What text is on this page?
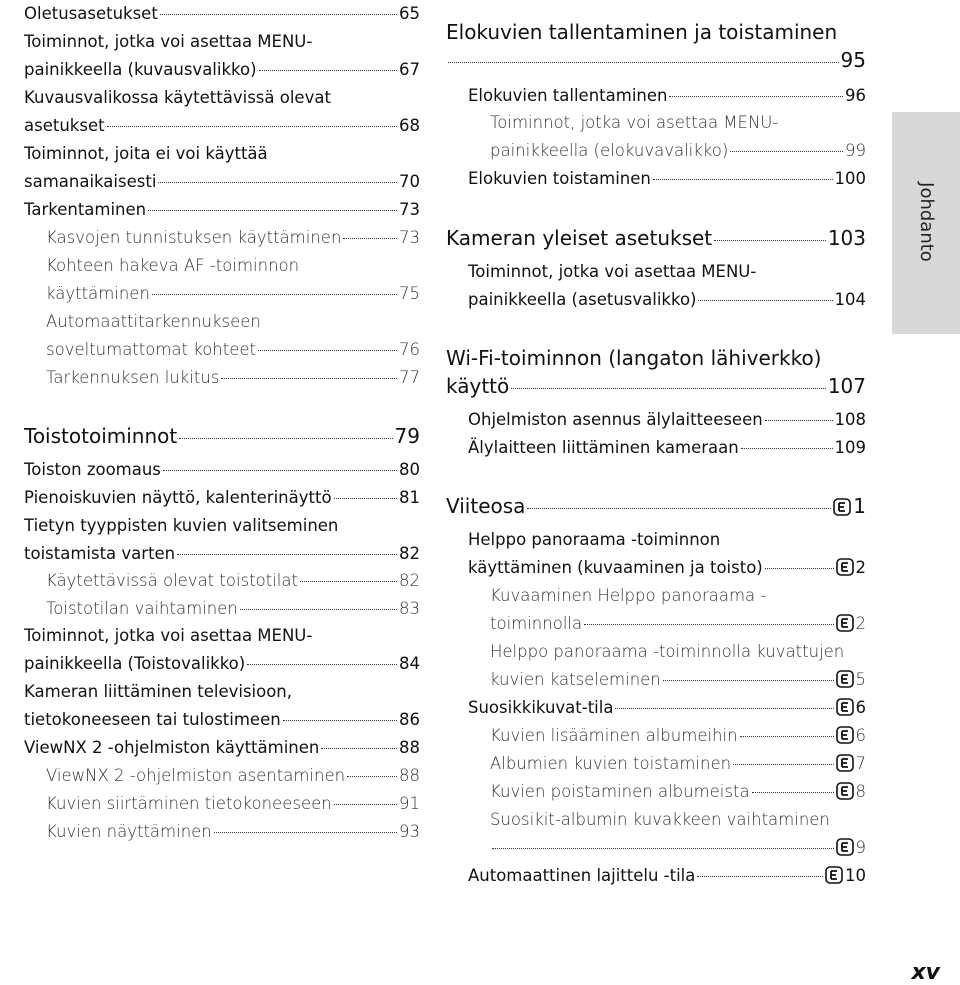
Oletusasetukset	65
Toiminnot, jotka voi asettaa MENU-
painikkeella (kuvausvalikko)	67
Kuvausvalikossa käytettävissä olevat
asetukset	68
Toiminnot, joita ei voi käyttää
samanaikaisesti	70
Tarkentaminen	73
Kasvojen tunnistuksen käyttäminen	73
Kohteen hakeva AF -toiminnon
käyttäminen	75
Automaattitarkennukseen
soveltumattomat kohteet	76
Tarkennuksen lukitus	77
Toistotoiminnot	79
Toiston zoomaus	80
Pienoiskuvien näyttö, kalenterinäyttö	81
Tietyn tyyppisten kuvien valitseminen
toistamista varten	82
Käytettävissä olevat toistotilat	82
Toistotilan vaihtaminen	83
Toiminnot, jotka voi asettaa MENU-
painikkeella (Toistovalikko)	84
Kameran liittäminen televisioon,
tietokoneeseen tai tulostimeen	86
ViewNX 2 -ohjelmiston käyttäminen	88
ViewNX 2 -ohjelmiston asentaminen	88
Kuvien siirtäminen tietokoneeseen	91
Kuvien näyttäminen	93
Elokuvien tallentaminen ja toistaminen
95
Elokuvien tallentaminen	96
Toiminnot, jotka voi asettaa MENU-
painikkeella (elokuvavalikko)	99
Elokuvien toistaminen	100
Kameran yleiset asetukset	103
Toiminnot, jotka voi asettaa MENU-
painikkeella (asetusvalikko)	104
Wi-Fi-toiminnon (langaton lähiverkko)
käyttö	107
Ohjelmiston asennus älylaitteeseen	108
Älylaitteen liittäminen kameraan	109
Viiteosa	1
Helppo panoraama -toiminnon
käyttäminen (kuvaaminen ja toisto)	2
Kuvaaminen Helppo panoraama -
toiminnolla	2
Helppo panoraama -toiminnolla kuvattujen
kuvien katseleminen	5
Suosikkikuvat-tila	6
Kuvien lisääminen albumeihin	6
Albumien kuvien toistaminen	7
Kuvien poistaminen albumeista	8
Suosikit-albumin kuvakkeen vaihtaminen
9
Automaattinen lajittelu -tila	10
Johdanto
xv
